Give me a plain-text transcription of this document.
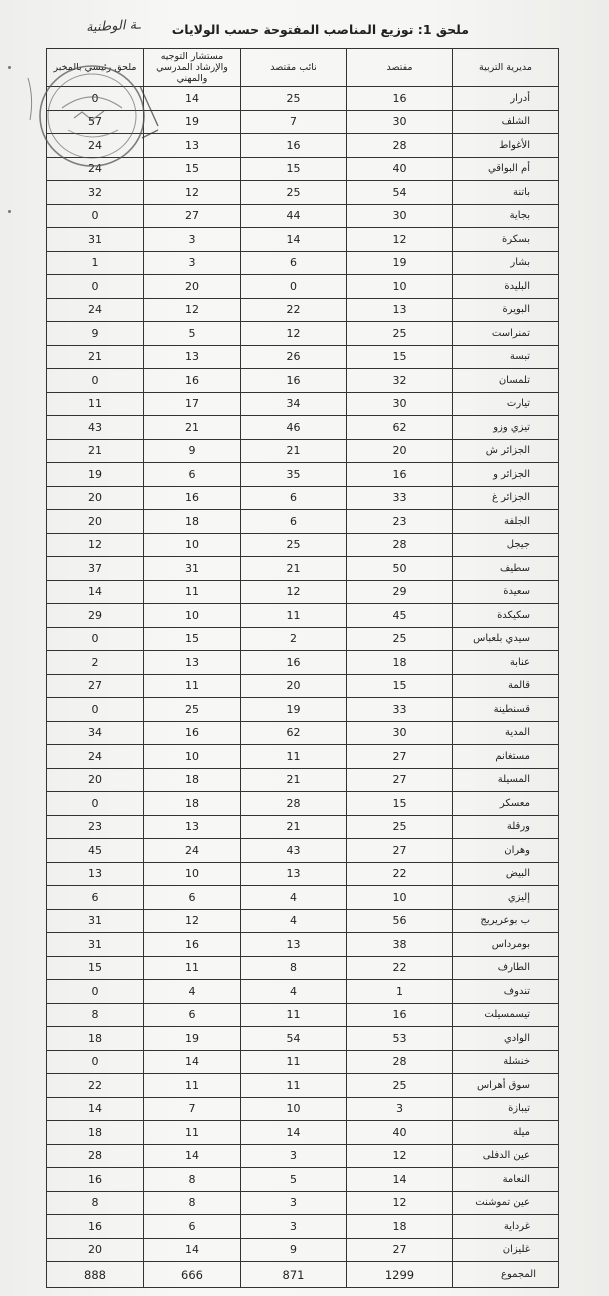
ملحق 1: توزيع المناصب المفتوحة حسب الولايات
ـة الوطنية
مديرية التربية	مفتصد	نائب مقتصد	مستشار التوجيه والإرشاد المدرسي والمهني	ملحق رئيسي بالمخبر
أدرار	16	25	14	0
الشلف	30	7	19	57
الأغواط	28	16	13	24
أم البواقي	40	15	15	24
باتنة	54	25	12	32
بجاية	30	44	27	0
بسكرة	12	14	3	31
بشار	19	6	3	1
البليدة	10	0	20	0
البويرة	13	22	12	24
تمنراست	25	12	5	9
تبسة	15	26	13	21
تلمسان	32	16	16	0
تيارت	30	34	17	11
تيزي وزو	62	46	21	43
الجزائر ش	20	21	9	21
الجزائر و	16	35	6	19
الجزائر غ	33	6	16	20
الجلفة	23	6	18	20
جيجل	28	25	10	12
سطيف	50	21	31	37
سعيدة	29	12	11	14
سكيكدة	45	11	10	29
سيدي بلعباس	25	2	15	0
عنابة	18	16	13	2
قالمة	15	20	11	27
قسنطينة	33	19	25	0
المدية	30	62	16	34
مستغانم	27	11	10	24
المسيلة	27	21	18	20
معسكر	15	28	18	0
ورقلة	25	21	13	23
وهران	27	43	24	45
البيض	22	13	10	13
إليزي	10	4	6	6
ب بوعريريج	56	4	12	31
بومرداس	38	13	16	31
الطارف	22	8	11	15
تندوف	1	4	4	0
تيسمسيلت	16	11	6	8
الوادي	53	54	19	18
خنشلة	28	11	14	0
سوق أهراس	25	11	11	22
تيبازة	3	10	7	14
ميلة	40	14	11	18
عين الدفلى	12	3	14	28
النعامة	14	5	8	16
عين تموشنت	12	3	8	8
غرداية	18	3	6	16
غليزان	27	9	14	20
المجموع	1299	871	666	888
